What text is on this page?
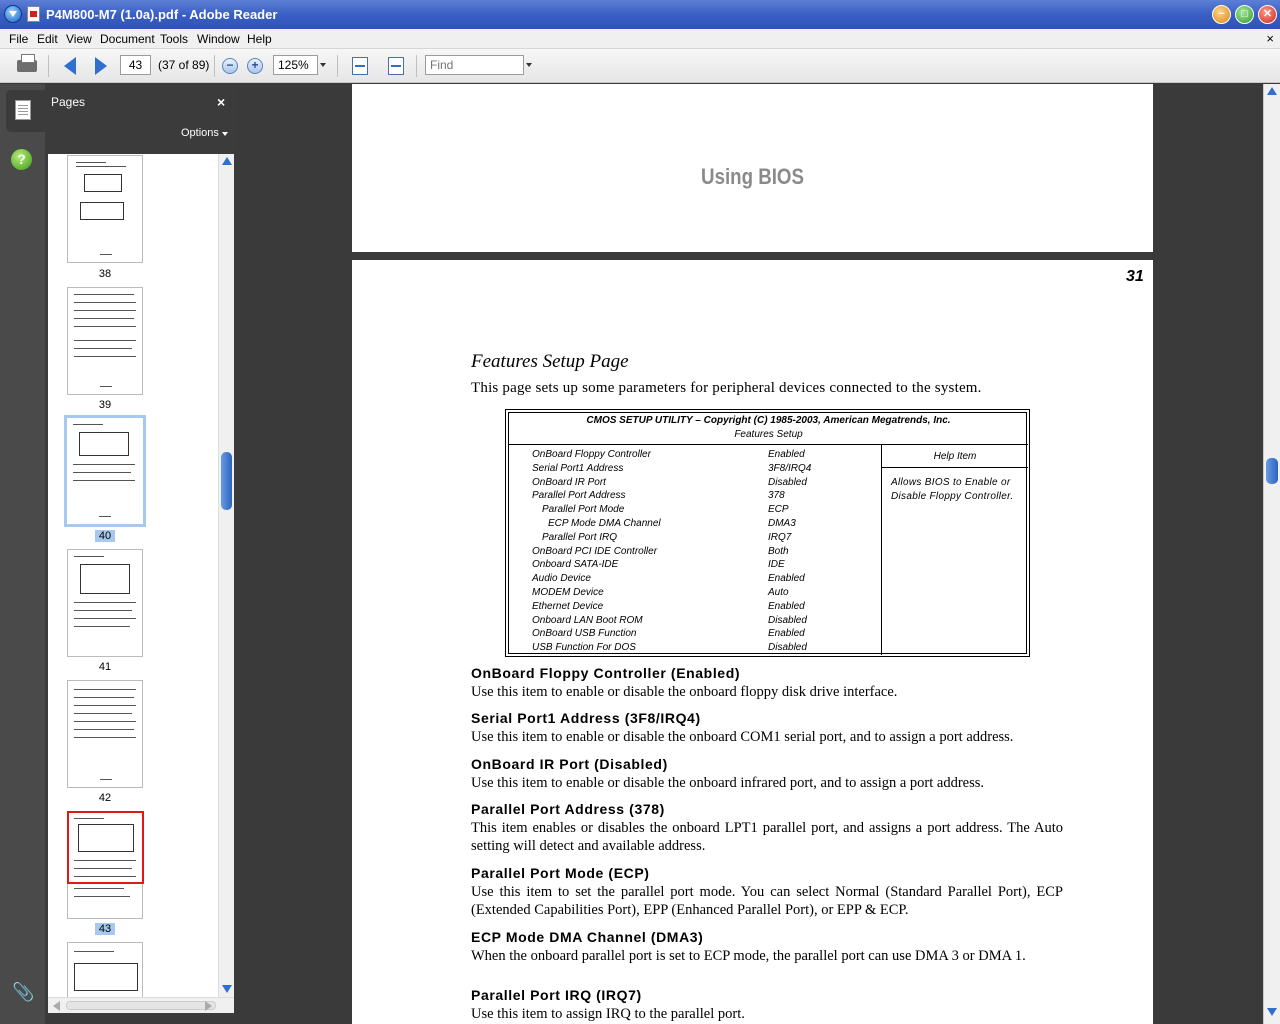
P4M800-M7 (1.0a).pdf - Adobe Reader	−	□	✕
File Edit View Document Tools Window Help	×
43
(37 of 89)	−	+
125%
Find
?
📎
Pages	×
Options
38
39
40
41
42
43
Using BIOS
31
Features Setup Page
This page sets up some parameters for peripheral devices connected to the system.
CMOS SETUP UTILITY – Copyright (C) 1985-2003, American Megatrends, Inc.
Features Setup
Help Item
Allows BIOS to Enable or Disable Floppy Controller.
OnBoard Floppy Controller	Enabled
Serial Port1 Address	3F8/IRQ4
OnBoard IR Port	Disabled
Parallel Port Address	378
Parallel Port Mode	ECP
ECP Mode DMA Channel	DMA3
Parallel Port IRQ	IRQ7
OnBoard PCI IDE Controller	Both
Onboard SATA-IDE	IDE
Audio Device	Enabled
MODEM Device	Auto
Ethernet Device	Enabled
Onboard LAN Boot ROM	Disabled
OnBoard USB Function	Enabled
USB Function For DOS	Disabled
OnBoard Floppy Controller (Enabled)

Use this item to enable or disable the onboard floppy disk drive interface.

Serial Port1 Address (3F8/IRQ4)

Use this item to enable or disable the onboard COM1 serial port, and to assign a port address.

OnBoard IR Port (Disabled)

Use this item to enable or disable the onboard infrared port, and to assign a port address.

Parallel Port Address (378)

This item enables or disables the onboard LPT1 parallel port, and assigns a port address. The Auto setting will detect and available address.

Parallel Port Mode (ECP)

Use this item to set the parallel port mode. You can select Normal (Standard Parallel Port), ECP (Extended Capabilities Port), EPP (Enhanced Parallel Port), or EPP & ECP.

ECP Mode DMA Channel (DMA3)

When the onboard parallel port is set to ECP mode, the parallel port can use DMA 3 or DMA 1.

Parallel Port IRQ (IRQ7)

Use this item to assign IRQ to the parallel port.
